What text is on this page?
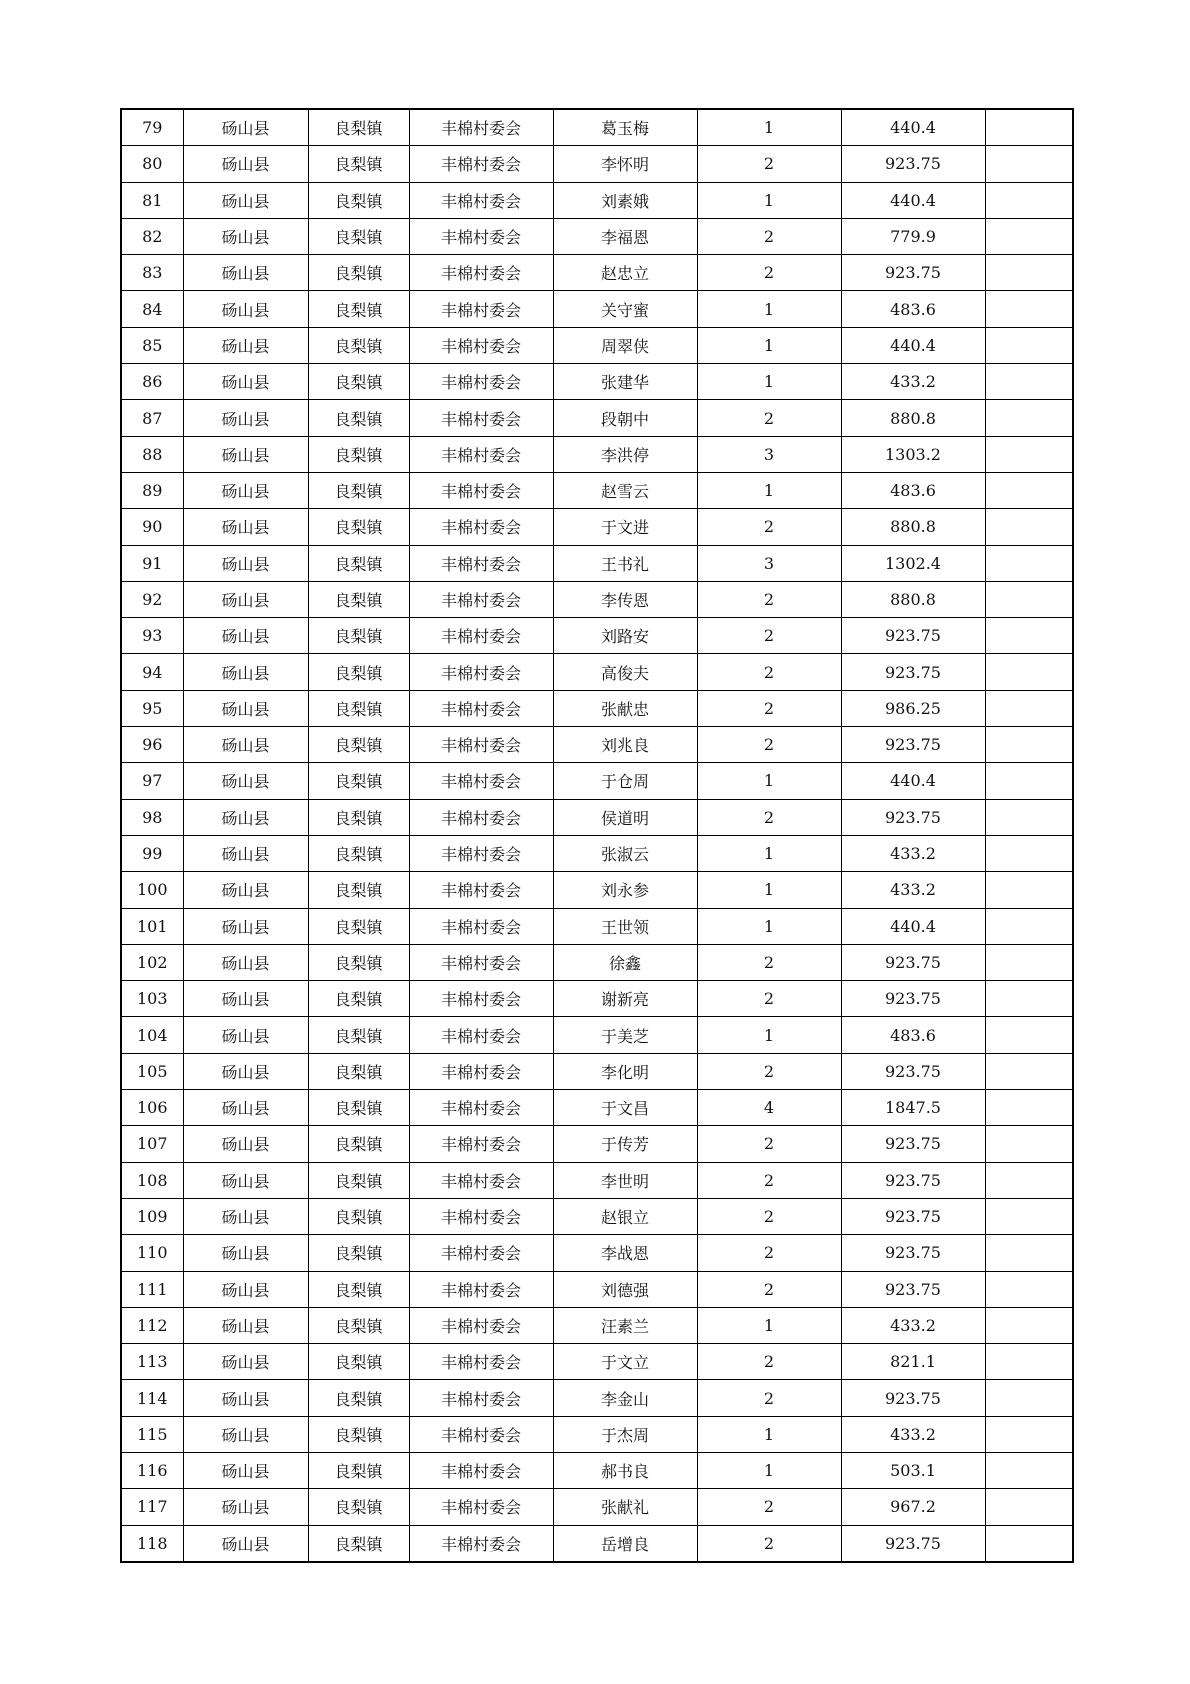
79	砀山县	良梨镇	丰棉村委会	葛玉梅	1	440.4	
80	砀山县	良梨镇	丰棉村委会	李怀明	2	923.75	
81	砀山县	良梨镇	丰棉村委会	刘素娥	1	440.4	
82	砀山县	良梨镇	丰棉村委会	李福恩	2	779.9	
83	砀山县	良梨镇	丰棉村委会	赵忠立	2	923.75	
84	砀山县	良梨镇	丰棉村委会	关守蜜	1	483.6	
85	砀山县	良梨镇	丰棉村委会	周翠侠	1	440.4	
86	砀山县	良梨镇	丰棉村委会	张建华	1	433.2	
87	砀山县	良梨镇	丰棉村委会	段朝中	2	880.8	
88	砀山县	良梨镇	丰棉村委会	李洪停	3	1303.2	
89	砀山县	良梨镇	丰棉村委会	赵雪云	1	483.6	
90	砀山县	良梨镇	丰棉村委会	于文进	2	880.8	
91	砀山县	良梨镇	丰棉村委会	王书礼	3	1302.4	
92	砀山县	良梨镇	丰棉村委会	李传恩	2	880.8	
93	砀山县	良梨镇	丰棉村委会	刘路安	2	923.75	
94	砀山县	良梨镇	丰棉村委会	高俊夫	2	923.75	
95	砀山县	良梨镇	丰棉村委会	张献忠	2	986.25	
96	砀山县	良梨镇	丰棉村委会	刘兆良	2	923.75	
97	砀山县	良梨镇	丰棉村委会	于仓周	1	440.4	
98	砀山县	良梨镇	丰棉村委会	侯道明	2	923.75	
99	砀山县	良梨镇	丰棉村委会	张淑云	1	433.2	
100	砀山县	良梨镇	丰棉村委会	刘永参	1	433.2	
101	砀山县	良梨镇	丰棉村委会	王世领	1	440.4	
102	砀山县	良梨镇	丰棉村委会	徐鑫	2	923.75	
103	砀山县	良梨镇	丰棉村委会	谢新亮	2	923.75	
104	砀山县	良梨镇	丰棉村委会	于美芝	1	483.6	
105	砀山县	良梨镇	丰棉村委会	李化明	2	923.75	
106	砀山县	良梨镇	丰棉村委会	于文昌	4	1847.5	
107	砀山县	良梨镇	丰棉村委会	于传芳	2	923.75	
108	砀山县	良梨镇	丰棉村委会	李世明	2	923.75	
109	砀山县	良梨镇	丰棉村委会	赵银立	2	923.75	
110	砀山县	良梨镇	丰棉村委会	李战恩	2	923.75	
111	砀山县	良梨镇	丰棉村委会	刘德强	2	923.75	
112	砀山县	良梨镇	丰棉村委会	汪素兰	1	433.2	
113	砀山县	良梨镇	丰棉村委会	于文立	2	821.1	
114	砀山县	良梨镇	丰棉村委会	李金山	2	923.75	
115	砀山县	良梨镇	丰棉村委会	于杰周	1	433.2	
116	砀山县	良梨镇	丰棉村委会	郝书良	1	503.1	
117	砀山县	良梨镇	丰棉村委会	张献礼	2	967.2	
118	砀山县	良梨镇	丰棉村委会	岳增良	2	923.75	
